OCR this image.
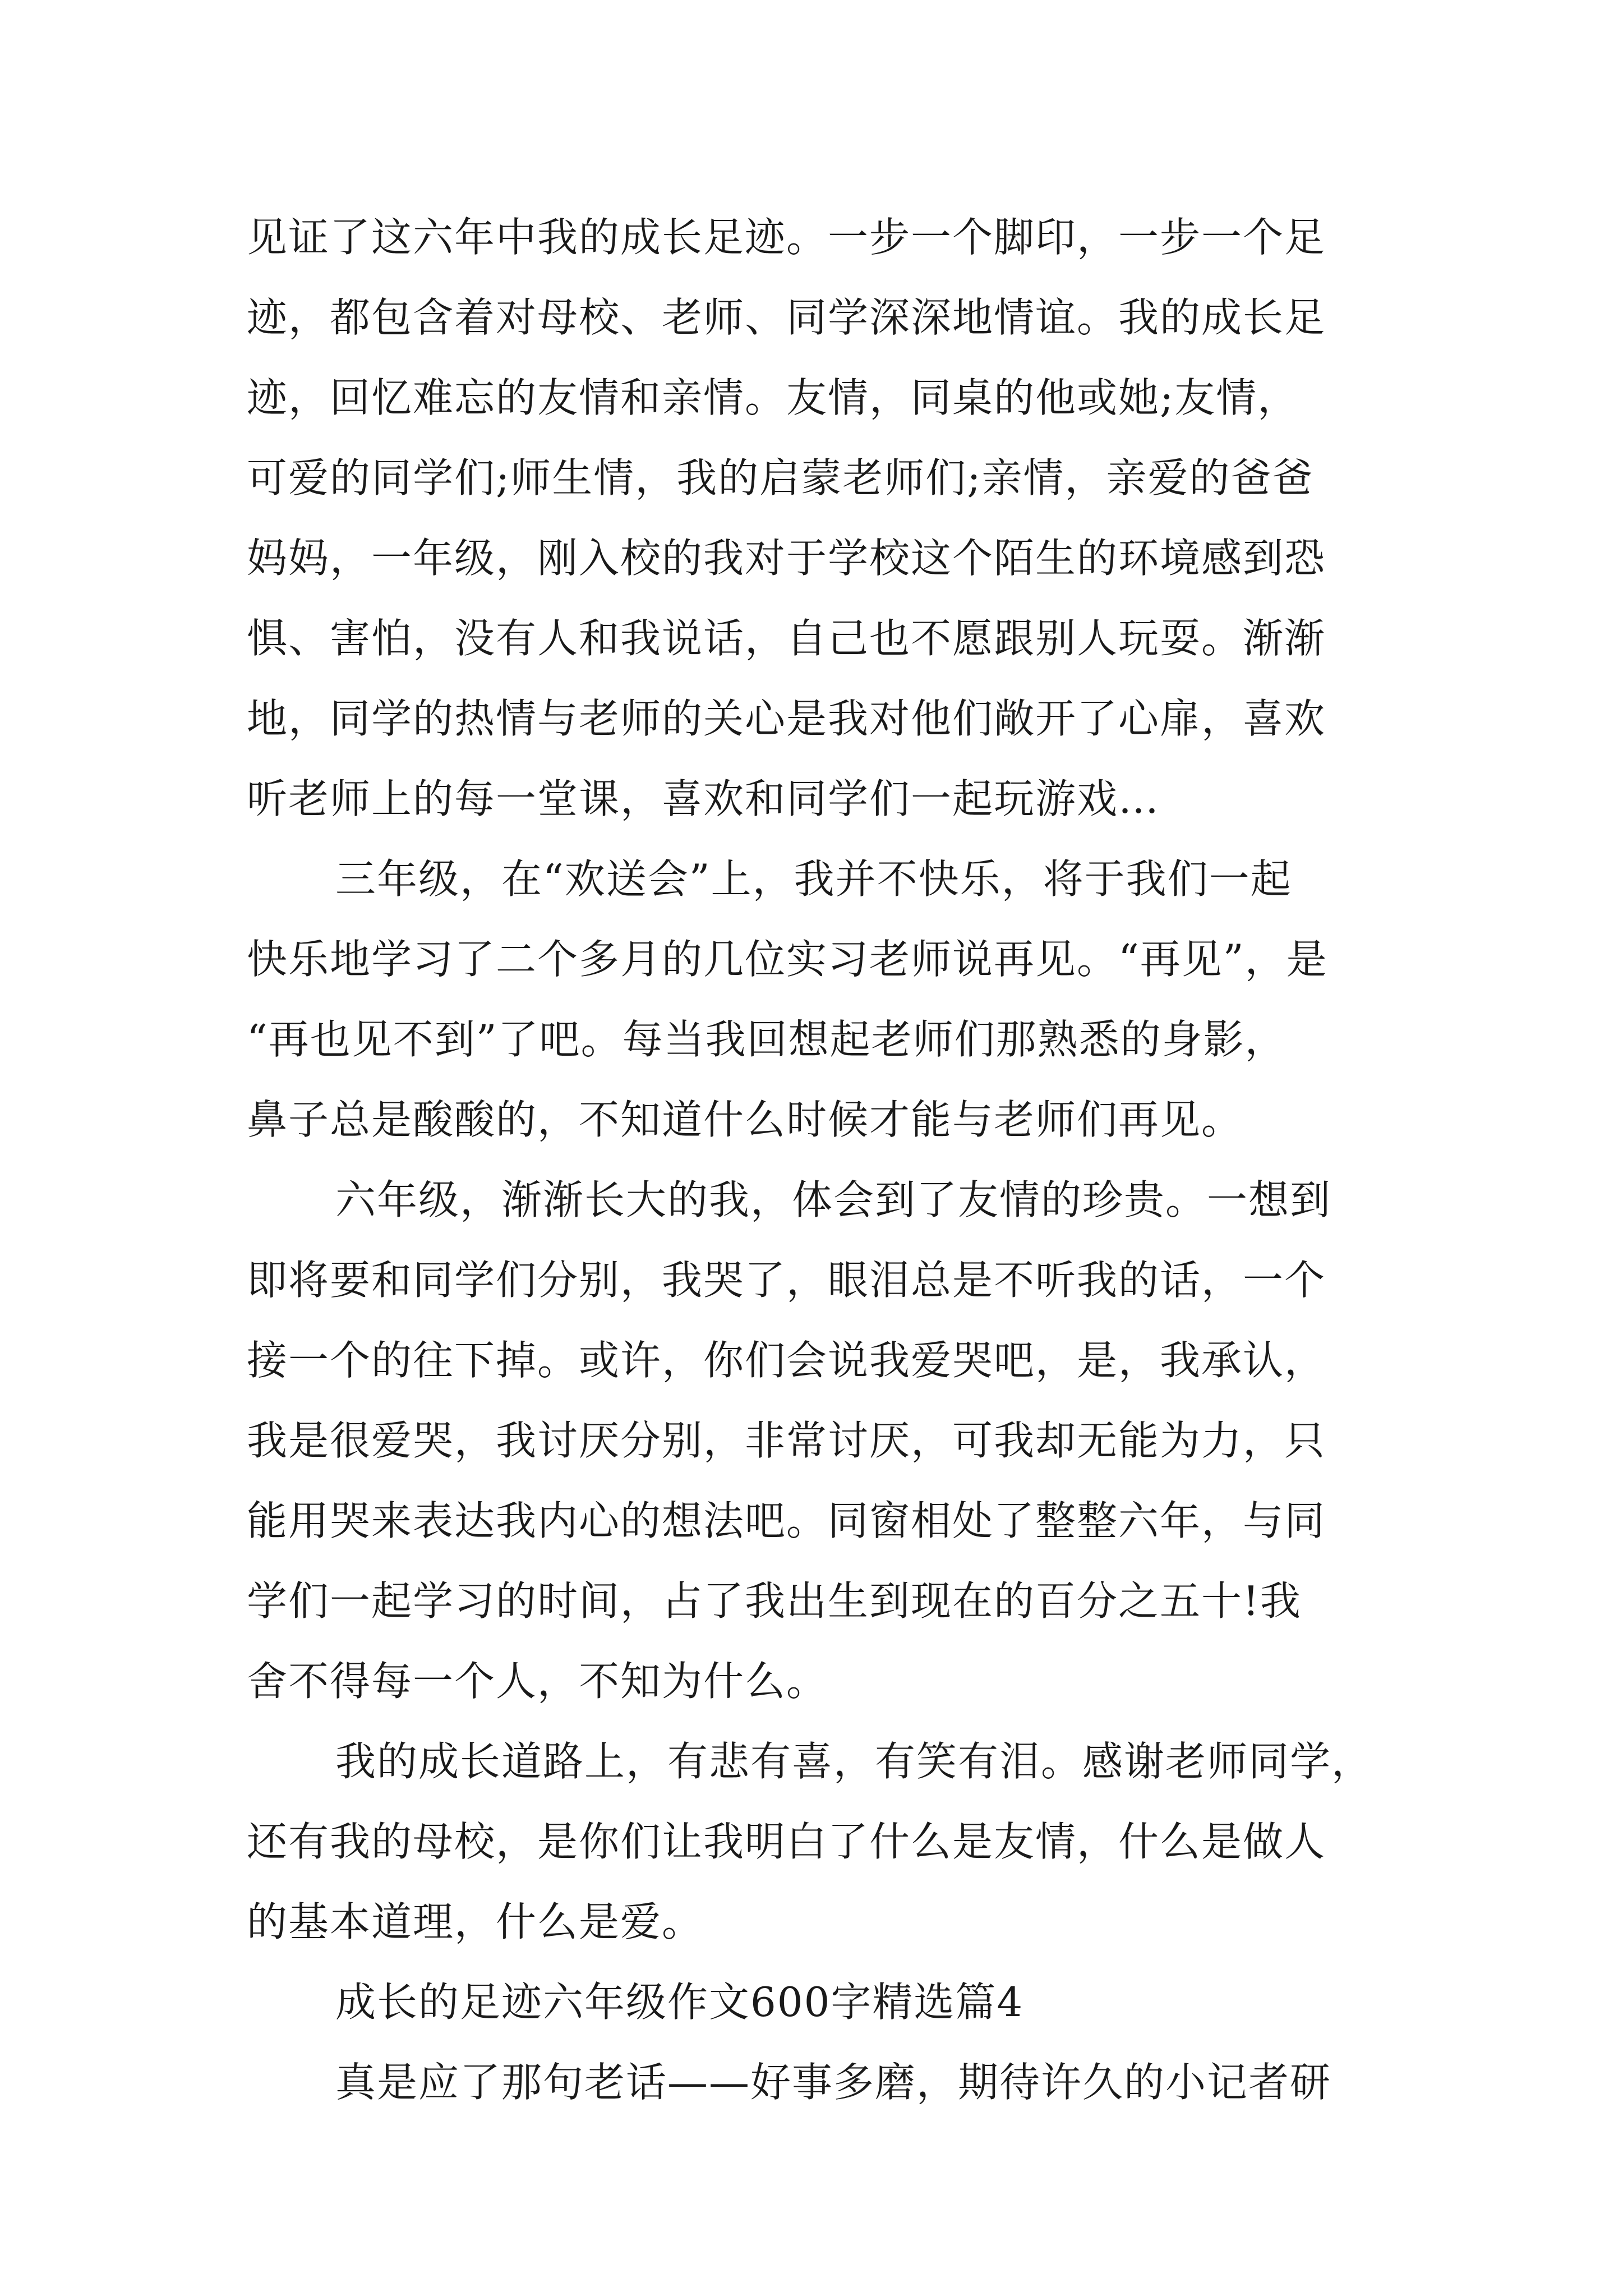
见证了这六年中我的成长足迹。一步一个脚印，一步一个足
迹，都包含着对母校、老师、同学深深地情谊。我的成长足
迹，回忆难忘的友情和亲情。友情，同桌的他或她;友情，
可爱的同学们;师生情，我的启蒙老师们;亲情，亲爱的爸爸
妈妈，一年级，刚入校的我对于学校这个陌生的环境感到恐
惧、害怕，没有人和我说话，自己也不愿跟别人玩耍。渐渐
地，同学的热情与老师的关心是我对他们敞开了心扉，喜欢
听老师上的每一堂课，喜欢和同学们一起玩游戏…
三年级，在“欢送会”上，我并不快乐，将于我们一起
快乐地学习了二个多月的几位实习老师说再见。“再见”，是
“再也见不到”了吧。每当我回想起老师们那熟悉的身影，
鼻子总是酸酸的，不知道什么时候才能与老师们再见。
六年级，渐渐长大的我，体会到了友情的珍贵。一想到
即将要和同学们分别，我哭了，眼泪总是不听我的话，一个
接一个的往下掉。或许，你们会说我爱哭吧，是，我承认，
我是很爱哭，我讨厌分别，非常讨厌，可我却无能为力，只
能用哭来表达我内心的想法吧。同窗相处了整整六年，与同
学们一起学习的时间，占了我出生到现在的百分之五十!我
舍不得每一个人，不知为什么。
我的成长道路上，有悲有喜，有笑有泪。感谢老师同学，
还有我的母校，是你们让我明白了什么是友情，什么是做人
的基本道理，什么是爱。
成长的足迹六年级作文600字精选篇4
真是应了那句老话——好事多磨，期待许久的小记者研
